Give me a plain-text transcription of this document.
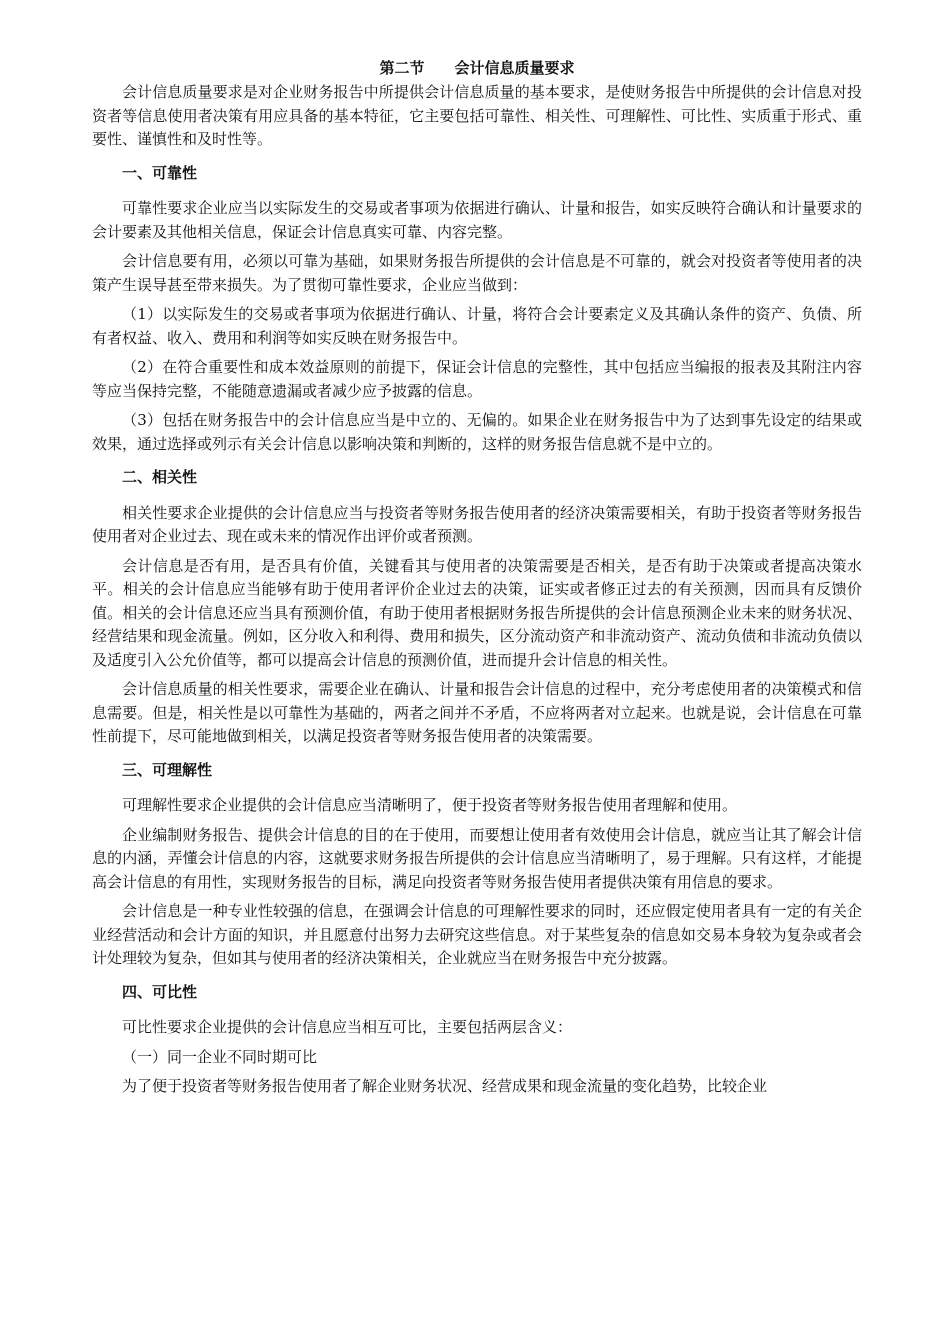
第二节　　会计信息质量要求

会计信息质量要求是对企业财务报告中所提供会计信息质量的基本要求，是使财务报告中所提供的会计信息对投资者等信息使用者决策有用应具备的基本特征，它主要包括可靠性、相关性、可理解性、可比性、实质重于形式、重要性、谨慎性和及时性等。

一、可靠性

可靠性要求企业应当以实际发生的交易或者事项为依据进行确认、计量和报告，如实反映符合确认和计量要求的会计要素及其他相关信息，保证会计信息真实可靠、内容完整。

会计信息要有用，必须以可靠为基础，如果财务报告所提供的会计信息是不可靠的，就会对投资者等使用者的决策产生误导甚至带来损失。为了贯彻可靠性要求，企业应当做到：

（1）以实际发生的交易或者事项为依据进行确认、计量，将符合会计要素定义及其确认条件的资产、负债、所有者权益、收入、费用和利润等如实反映在财务报告中。

（2）在符合重要性和成本效益原则的前提下，保证会计信息的完整性，其中包括应当编报的报表及其附注内容等应当保持完整，不能随意遗漏或者减少应予披露的信息。

（3）包括在财务报告中的会计信息应当是中立的、无偏的。如果企业在财务报告中为了达到事先设定的结果或效果，通过选择或列示有关会计信息以影响决策和判断的，这样的财务报告信息就不是中立的。

二、相关性

相关性要求企业提供的会计信息应当与投资者等财务报告使用者的经济决策需要相关，有助于投资者等财务报告使用者对企业过去、现在或未来的情况作出评价或者预测。

会计信息是否有用，是否具有价值，关键看其与使用者的决策需要是否相关，是否有助于决策或者提高决策水平。相关的会计信息应当能够有助于使用者评价企业过去的决策，证实或者修正过去的有关预测，因而具有反馈价值。相关的会计信息还应当具有预测价值，有助于使用者根据财务报告所提供的会计信息预测企业未来的财务状况、经营结果和现金流量。例如，区分收入和利得、费用和损失，区分流动资产和非流动资产、流动负债和非流动负债以及适度引入公允价值等，都可以提高会计信息的预测价值，进而提升会计信息的相关性。

会计信息质量的相关性要求，需要企业在确认、计量和报告会计信息的过程中，充分考虑使用者的决策模式和信息需要。但是，相关性是以可靠性为基础的，两者之间并不矛盾，不应将两者对立起来。也就是说，会计信息在可靠性前提下，尽可能地做到相关，以满足投资者等财务报告使用者的决策需要。

三、可理解性

可理解性要求企业提供的会计信息应当清晰明了，便于投资者等财务报告使用者理解和使用。

企业编制财务报告、提供会计信息的目的在于使用，而要想让使用者有效使用会计信息，就应当让其了解会计信息的内涵，弄懂会计信息的内容，这就要求财务报告所提供的会计信息应当清晰明了，易于理解。只有这样，才能提高会计信息的有用性，实现财务报告的目标，满足向投资者等财务报告使用者提供决策有用信息的要求。

会计信息是一种专业性较强的信息，在强调会计信息的可理解性要求的同时，还应假定使用者具有一定的有关企业经营活动和会计方面的知识，并且愿意付出努力去研究这些信息。对于某些复杂的信息如交易本身较为复杂或者会计处理较为复杂，但如其与使用者的经济决策相关，企业就应当在财务报告中充分披露。

四、可比性

可比性要求企业提供的会计信息应当相互可比，主要包括两层含义：

（一）同一企业不同时期可比

为了便于投资者等财务报告使用者了解企业财务状况、经营成果和现金流量的变化趋势，比较企业
